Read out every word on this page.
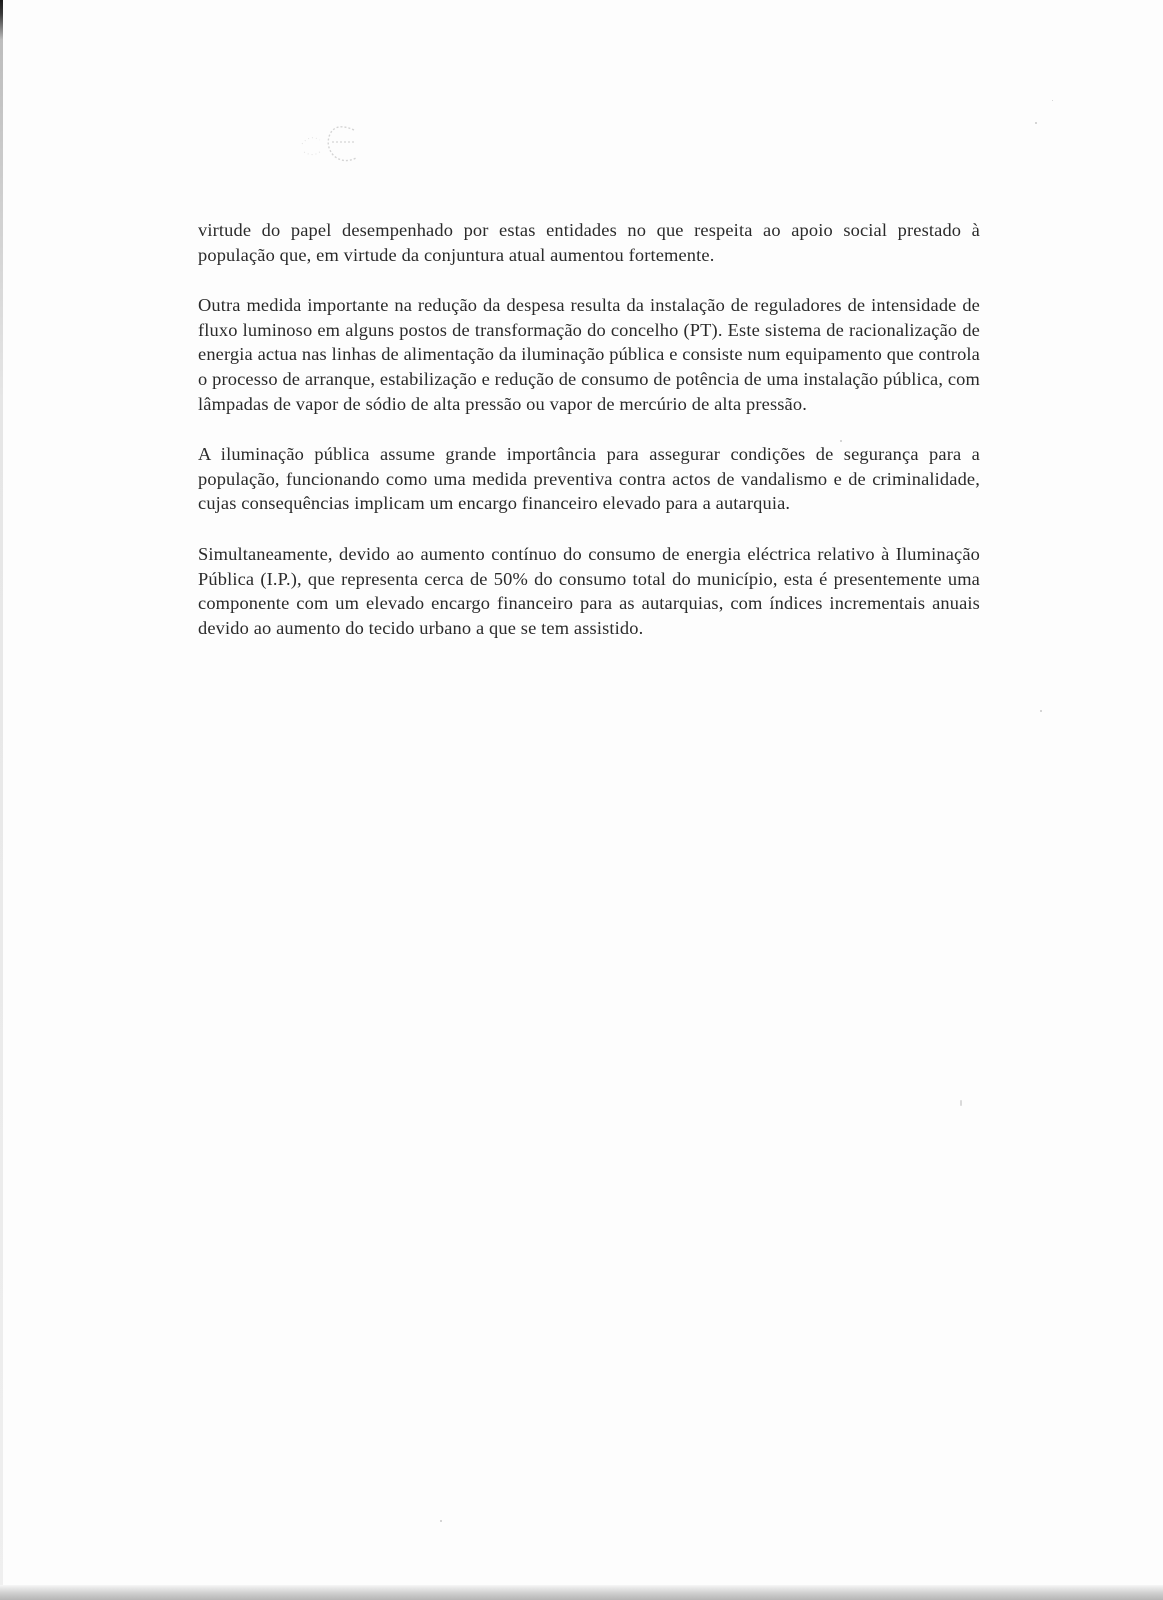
virtude do papel desempenhado por estas entidades no que respeita ao apoio social prestado à população que, em virtude da conjuntura atual aumentou fortemente.

Outra medida importante na redução da despesa resulta da instalação de reguladores de intensidade de fluxo luminoso em alguns postos de transformação do concelho (PT). Este sistema de racionalização de energia actua nas linhas de alimentação da iluminação pública e consiste num equipamento que controla o processo de arranque, estabilização e redução de consumo de potência de uma instalação pública, com lâmpadas de vapor de sódio de alta pressão ou vapor de mercúrio de alta pressão.

A iluminação pública assume grande importância para assegurar condições de segurança para a população, funcionando como uma medida preventiva contra actos de vandalismo e de criminalidade, cujas consequências implicam um encargo financeiro elevado para a autarquia.

Simultaneamente, devido ao aumento contínuo do consumo de energia eléctrica relativo à Iluminação Pública (I.P.), que representa cerca de 50% do consumo total do município, esta é presentemente uma componente com um elevado encargo financeiro para as autarquias, com índices incrementais anuais devido ao aumento do tecido urbano a que se tem assistido.
